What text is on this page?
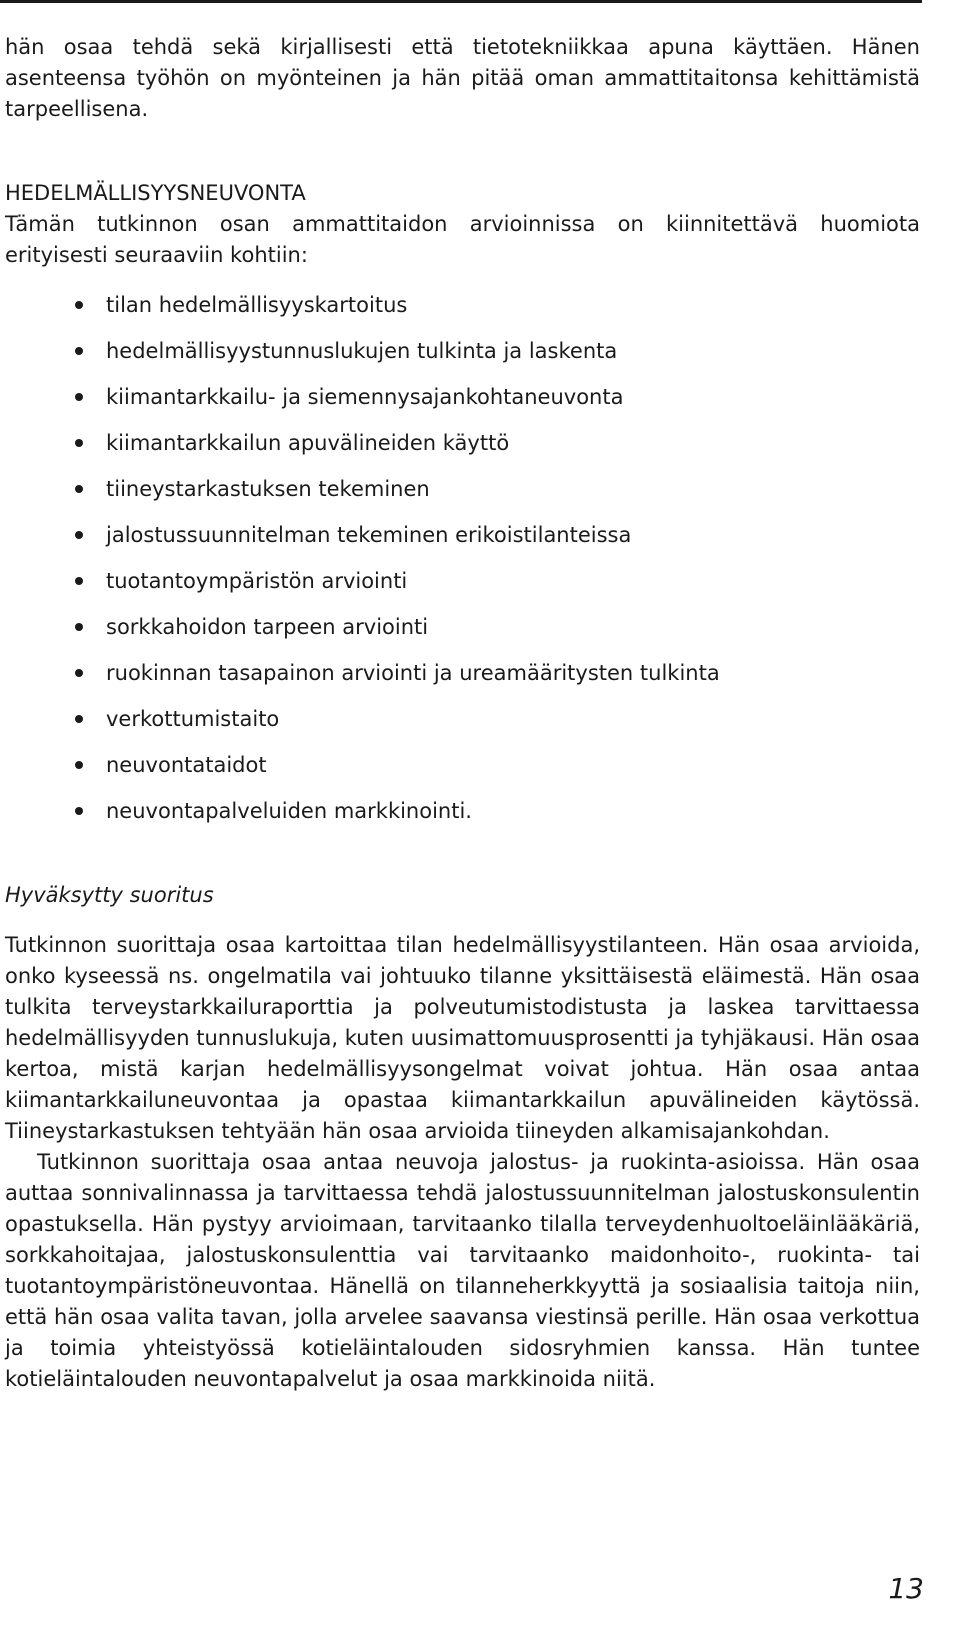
hän osaa tehdä sekä kirjallisesti että tietotekniikkaa apuna käyttäen. Hänen asenteensa työhön on myönteinen ja hän pitää oman ammattitaitonsa kehittämistä tarpeellisena.

HEDELMÄLLISYYSNEUVONTA

Tämän tutkinnon osan ammattitaidon arvioinnissa on kiinnitettävä huomiota erityisesti seuraaviin kohtiin:

tilan hedelmällisyyskartoitus
hedelmällisyystunnuslukujen tulkinta ja laskenta
kiimantarkkailu- ja siemennysajankohtaneuvonta
kiimantarkkailun apuvälineiden käyttö
tiineystarkastuksen tekeminen
jalostussuunnitelman tekeminen erikoistilanteissa
tuotantoympäristön arviointi
sorkkahoidon tarpeen arviointi
ruokinnan tasapainon arviointi ja ureamääritysten tulkinta
verkottumistaito
neuvontataidot
neuvontapalveluiden markkinointi.

Hyväksytty suoritus

Tutkinnon suorittaja osaa kartoittaa tilan hedelmällisyystilanteen. Hän osaa arvioida, onko kyseessä ns. ongelmatila vai johtuuko tilanne yksittäisestä eläimestä. Hän osaa tulkita terveystarkkailuraporttia ja polveutumistodistusta ja laskea tarvittaessa hedelmällisyyden tunnuslukuja, kuten uusimattomuusprosentti ja tyhjäkausi. Hän osaa kertoa, mistä karjan hedelmällisyysongelmat voivat johtua. Hän osaa antaa kiimantarkkailuneuvontaa ja opastaa kiimantarkkailun apuvälineiden käytössä. Tiineystarkastuksen tehtyään hän osaa arvioida tiineyden alkamisajankohdan.

Tutkinnon suorittaja osaa antaa neuvoja jalostus- ja ruokinta-asioissa. Hän osaa auttaa sonnivalinnassa ja tarvittaessa tehdä jalostussuunnitelman jalostuskonsulentin opastuksella. Hän pystyy arvioimaan, tarvitaanko tilalla terveydenhuoltoeläinlääkäriä, sorkkahoitajaa, jalostuskonsulenttia vai tarvitaanko maidonhoito-, ruokinta- tai tuotantoympäristöneuvontaa. Hänellä on tilanneherkkyyttä ja sosiaalisia taitoja niin, että hän osaa valita tavan, jolla arvelee saavansa viestinsä perille. Hän osaa verkottua ja toimia yhteistyössä kotieläintalouden sidosryhmien kanssa. Hän tuntee kotieläintalouden neuvontapalvelut ja osaa markkinoida niitä.

13
